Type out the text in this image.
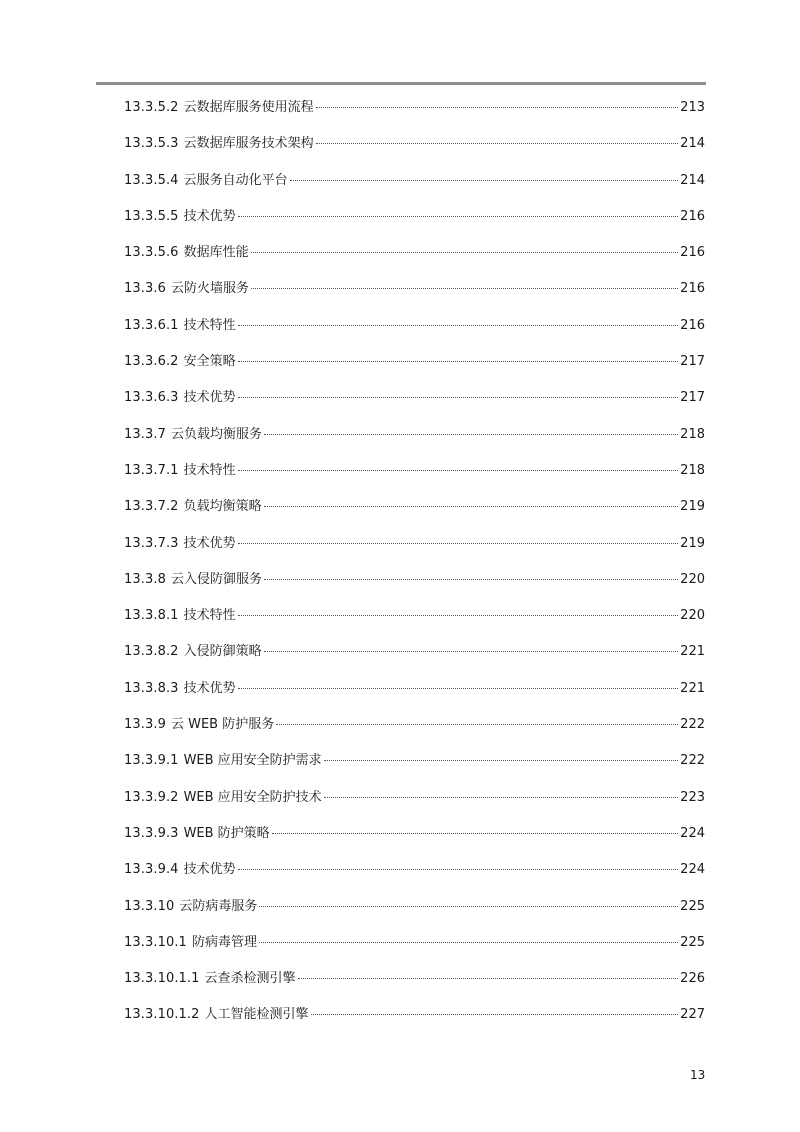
13.3.5.2 云数据库服务使用流程	213
13.3.5.3 云数据库服务技术架构	214
13.3.5.4 云服务自动化平台	214
13.3.5.5 技术优势	216
13.3.5.6 数据库性能	216
13.3.6 云防火墙服务	216
13.3.6.1 技术特性	216
13.3.6.2 安全策略	217
13.3.6.3 技术优势	217
13.3.7 云负载均衡服务	218
13.3.7.1 技术特性	218
13.3.7.2 负载均衡策略	219
13.3.7.3 技术优势	219
13.3.8 云入侵防御服务	220
13.3.8.1 技术特性	220
13.3.8.2 入侵防御策略	221
13.3.8.3 技术优势	221
13.3.9 云 WEB 防护服务	222
13.3.9.1 WEB 应用安全防护需求	222
13.3.9.2 WEB 应用安全防护技术	223
13.3.9.3 WEB 防护策略	224
13.3.9.4 技术优势	224
13.3.10 云防病毒服务	225
13.3.10.1 防病毒管理	225
13.3.10.1.1 云查杀检测引擎	226
13.3.10.1.2 人工智能检测引擎	227
13
